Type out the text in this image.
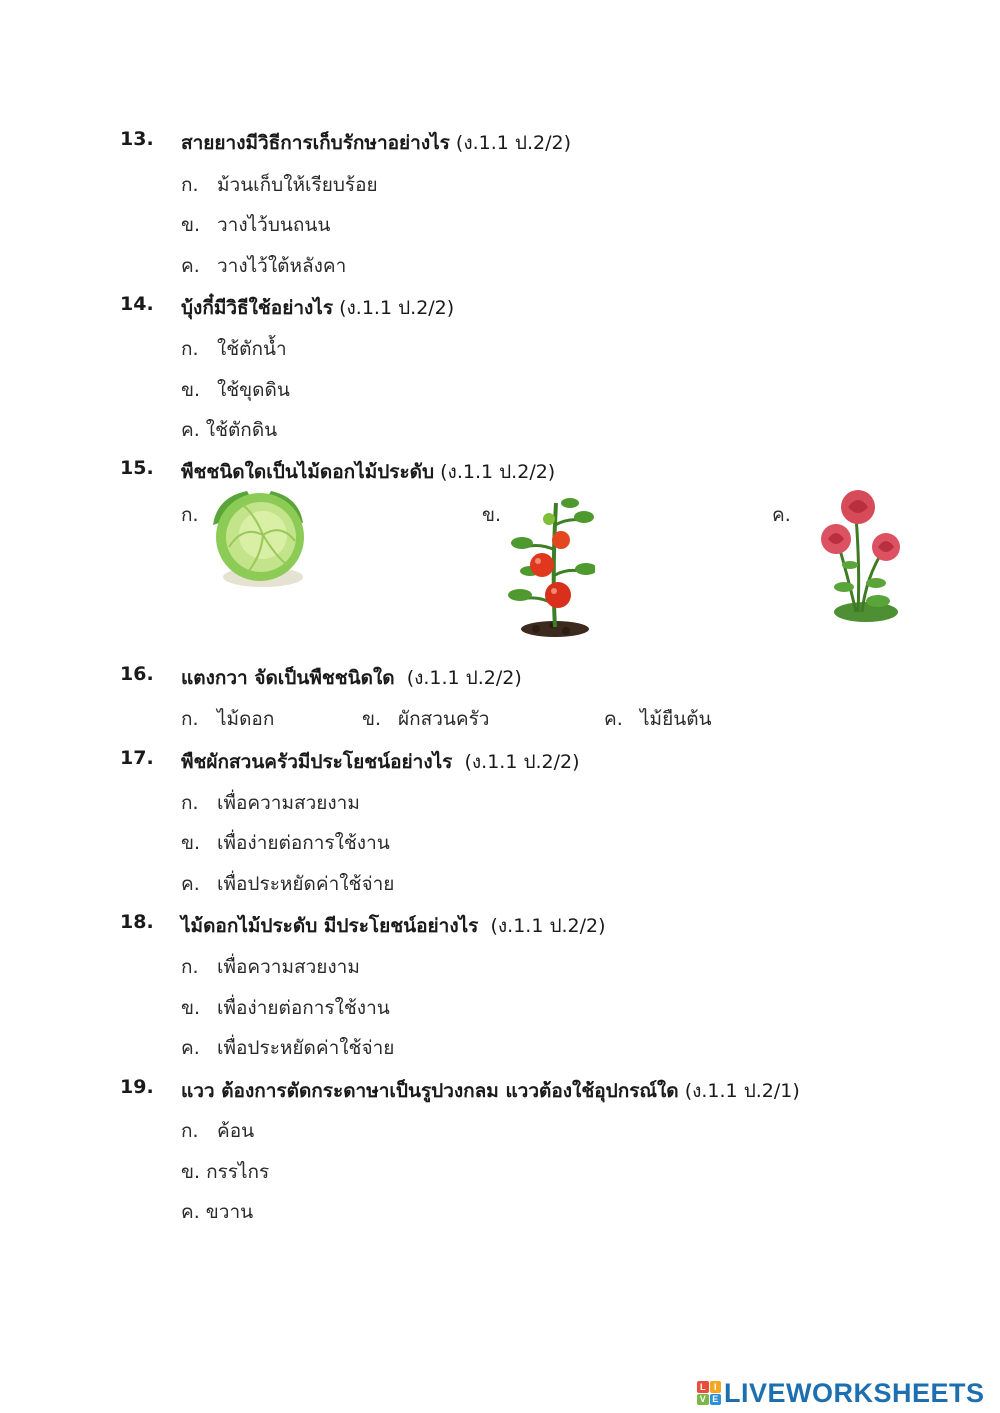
13. สายยางมีวิธีการเก็บรักษาอย่างไร (ง.1.1 ป.2/2)
ก. ม้วนเก็บให้เรียบร้อย
ข. วางไว้บนถนน
ค. วางไว้ใต้หลังคา
14. บุ้งกี๋มีวิธีใช้อย่างไร (ง.1.1 ป.2/2)
ก. ใช้ตักน้ำ
ข. ใช้ขุดดิน
ค. ใช้ตักดิน
15. พืชชนิดใดเป็นไม้ดอกไม้ประดับ (ง.1.1 ป.2/2)
ก.	ข.	ค.
16. แตงกวา จัดเป็นพืชชนิดใด (ง.1.1 ป.2/2)
ก. ไม้ดอก	ข. ผักสวนครัว	ค. ไม้ยืนต้น
17. พืชผักสวนครัวมีประโยชน์อย่างไร (ง.1.1 ป.2/2)
ก. เพื่อความสวยงาม
ข. เพื่อง่ายต่อการใช้งาน
ค. เพื่อประหยัดค่าใช้จ่าย
18. ไม้ดอกไม้ประดับ มีประโยชน์อย่างไร (ง.1.1 ป.2/2)
ก. เพื่อความสวยงาม
ข. เพื่อง่ายต่อการใช้งาน
ค. เพื่อประหยัดค่าใช้จ่าย
19. แวว ต้องการตัดกระดาษาเป็นรูปวงกลม แววต้องใช้อุปกรณ์ใด (ง.1.1 ป.2/1)
ก. ค้อน
ข. กรรไกร
ค. ขวาน
L I
V E LIVEWORKSHEETS
